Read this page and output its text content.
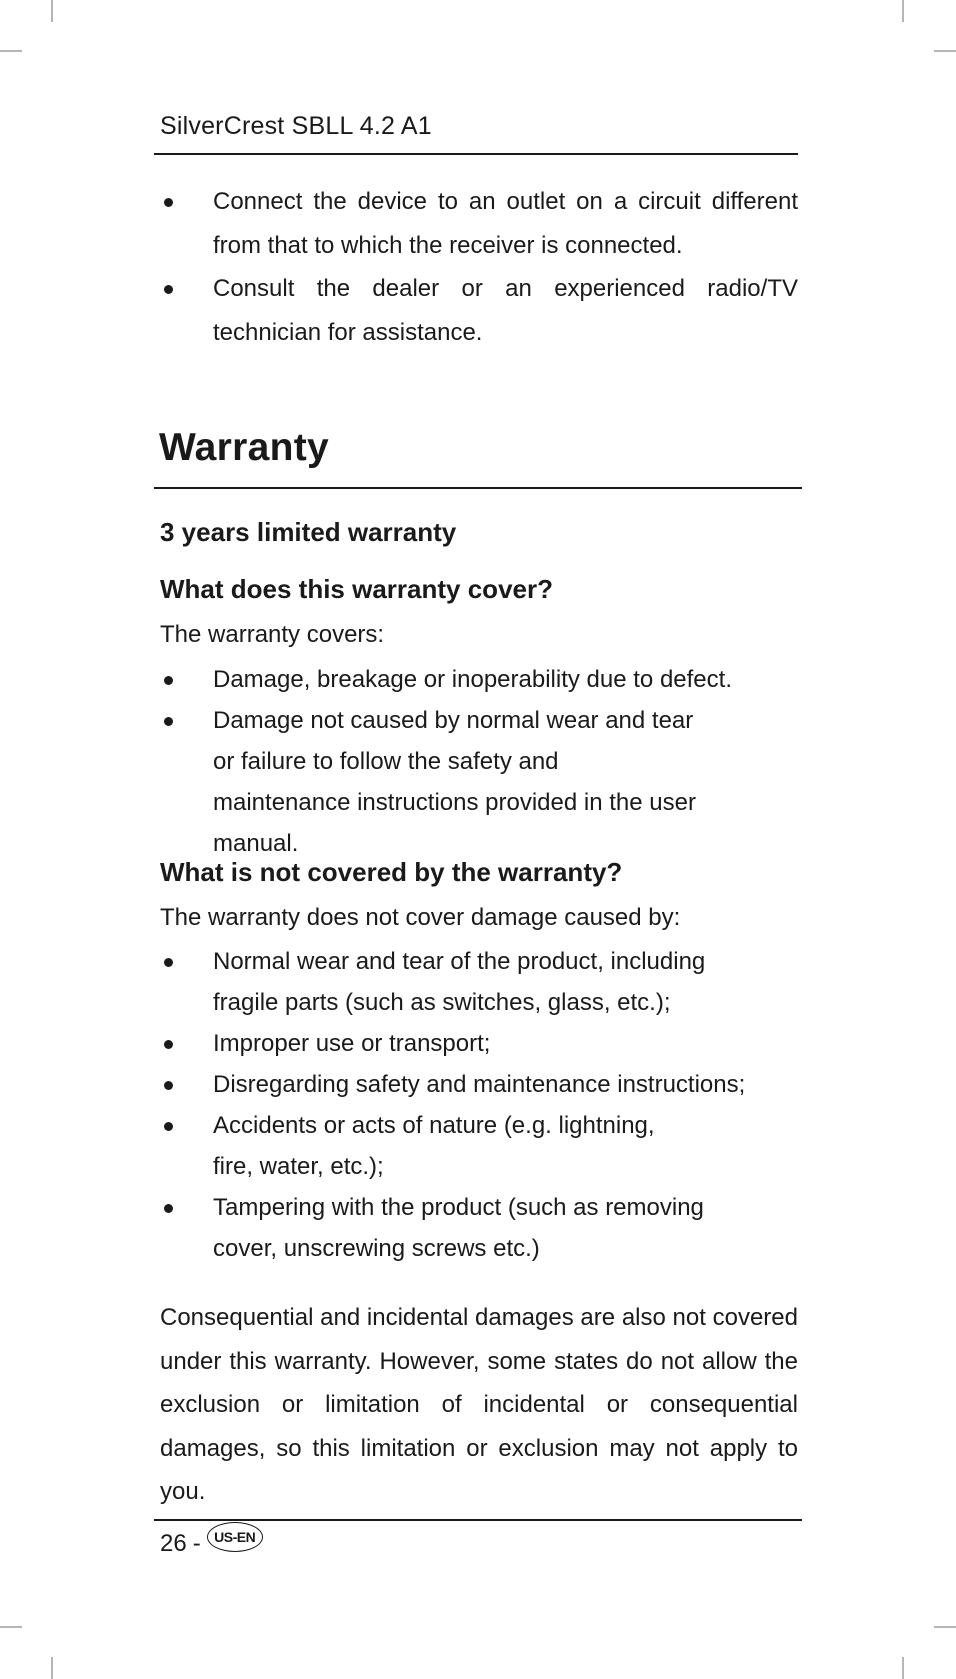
SilverCrest SBLL 4.2 A1
Connect the device to an outlet on a circuit different from that to which the receiver is connected.
Consult the dealer or an experienced radio/TV technician for assistance.
Warranty
3 years limited warranty
What does this warranty cover?
The warranty covers:
Damage, breakage or inoperability due to defect.
Damage not caused by normal wear and tear or failure to follow the safety and maintenance instructions provided in the user manual.
What is not covered by the warranty?
The warranty does not cover damage caused by:
Normal wear and tear of the product, including fragile parts (such as switches, glass, etc.);
Improper use or transport;
Disregarding safety and maintenance instructions;
Accidents or acts of nature (e.g. lightning, fire, water, etc.);
Tampering with the product (such as removing cover, unscrewing screws etc.)

Consequential and incidental damages are also not covered under this warranty. However, some states do not allow the exclusion or limitation of incidental or consequential damages, so this limitation or exclusion may not apply to you.

26 - US-EN
